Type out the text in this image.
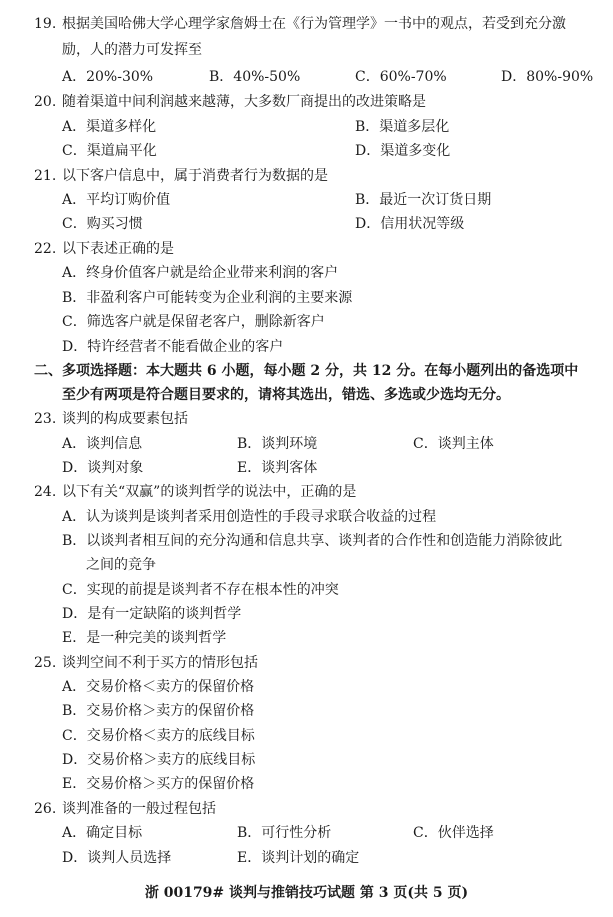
19. 根据美国哈佛大学心理学家詹姆士在《行为管理学》一书中的观点，若受到充分激
励，人的潜力可发挥至
A．20%-30%	B．40%-50%	C．60%-70%	D．80%-90%
20. 随着渠道中间利润越来越薄，大多数厂商提出的改进策略是
A．渠道多样化	B．渠道多层化
C．渠道扁平化	D．渠道多变化
21. 以下客户信息中，属于消费者行为数据的是
A．平均订购价值	B．最近一次订货日期
C．购买习惯	D．信用状况等级
22. 以下表述正确的是
A．终身价值客户就是给企业带来利润的客户
B．非盈利客户可能转变为企业利润的主要来源
C．筛选客户就是保留老客户，删除新客户
D．特许经营者不能看做企业的客户
二、多项选择题：本大题共 6 小题，每小题 2 分，共 12 分。在每小题列出的备选项中
至少有两项是符合题目要求的，请将其选出，错选、多选或少选均无分。
23. 谈判的构成要素包括
A．谈判信息	B．谈判环境	C．谈判主体
D．谈判对象	E．谈判客体
24. 以下有关“双赢”的谈判哲学的说法中，正确的是
A．认为谈判是谈判者采用创造性的手段寻求联合收益的过程
B．以谈判者相互间的充分沟通和信息共享、谈判者的合作性和创造能力消除彼此
之间的竞争
C．实现的前提是谈判者不存在根本性的冲突
D．是有一定缺陷的谈判哲学
E．是一种完美的谈判哲学
25. 谈判空间不利于买方的情形包括
A．交易价格＜卖方的保留价格
B．交易价格＞卖方的保留价格
C．交易价格＜卖方的底线目标
D．交易价格＞卖方的底线目标
E．交易价格＞买方的保留价格
26. 谈判准备的一般过程包括
A．确定目标	B．可行性分析	C．伙伴选择
D．谈判人员选择	E．谈判计划的确定
浙 00179# 谈判与推销技巧试题 第 3 页(共 5 页)
